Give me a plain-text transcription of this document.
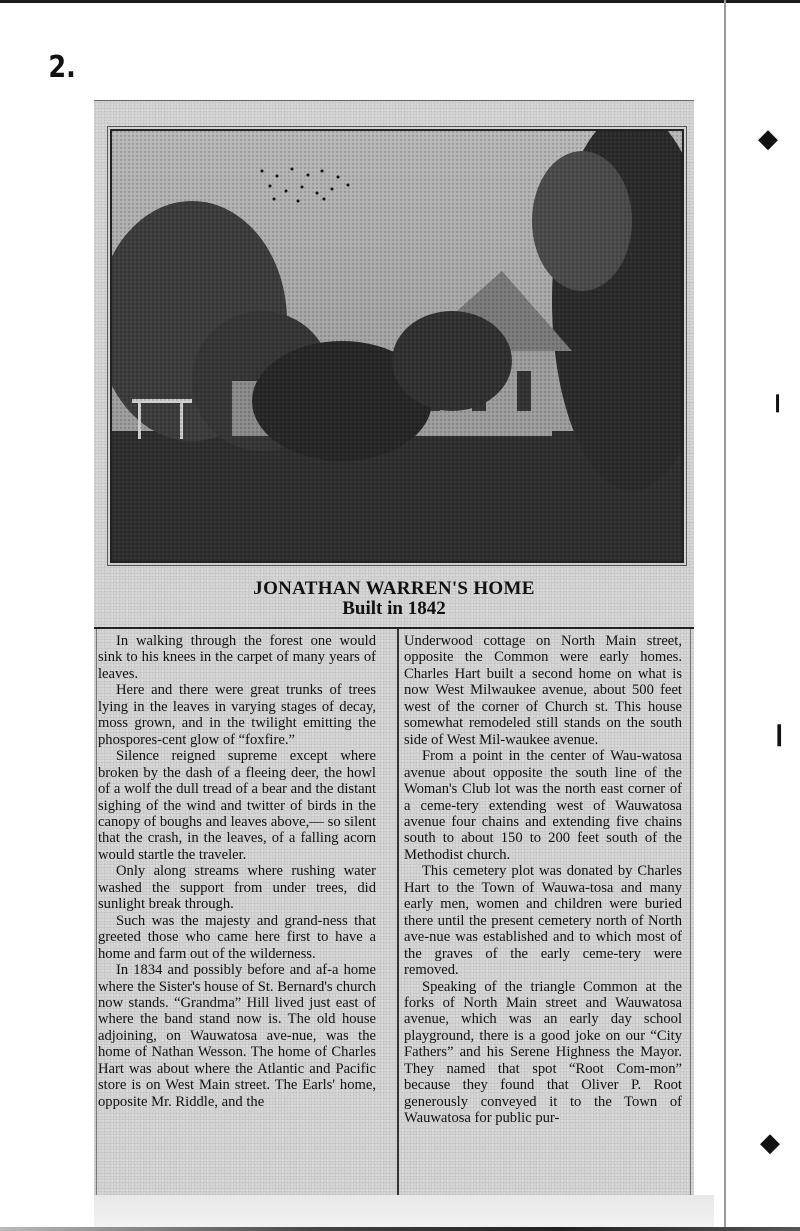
2.
JONATHAN WARREN'S HOME
Built in 1842

In walking through the forest one would sink to his knees in the carpet of many years of leaves.

Here and there were great trunks of trees lying in the leaves in varying stages of decay, moss grown, and in the twilight emitting the phospores-cent glow of “foxfire.”

Silence reigned supreme except where broken by the dash of a fleeing deer, the howl of a wolf the dull tread of a bear and the distant sighing of the wind and twitter of birds in the canopy of boughs and leaves above,— so silent that the crash, in the leaves, of a falling acorn would startle the traveler.

Only along streams where rushing water washed the support from under trees, did sunlight break through.

Such was the majesty and grand-ness that greeted those who came here first to have a home and farm out of the wilderness.

In 1834 and possibly before and af-a home where the Sister's house of St. Bernard's church now stands. “Grandma” Hill lived just east of where the band stand now is. The old house adjoining, on Wauwatosa ave-nue, was the home of Nathan Wesson. The home of Charles Hart was about where the Atlantic and Pacific store is on West Main street. The Earls' home, opposite Mr. Riddle, and the

Underwood cottage on North Main street, opposite the Common were early homes. Charles Hart built a second home on what is now West Milwaukee avenue, about 500 feet west of the corner of Church st. This house somewhat remodeled still stands on the south side of West Mil-waukee avenue.

From a point in the center of Wau-watosa avenue about opposite the south line of the Woman's Club lot was the north east corner of a ceme-tery extending west of Wauwatosa avenue four chains and extending five chains south to about 150 to 200 feet south of the Methodist church.

This cemetery plot was donated by Charles Hart to the Town of Wauwa-tosa and many early men, women and children were buried there until the present cemetery north of North ave-nue was established and to which most of the graves of the early ceme-tery were removed.

Speaking of the triangle Common at the forks of North Main street and Wauwatosa avenue, which was an early day school playground, there is a good joke on our “City Fathers” and his Serene Highness the Mayor. They named that spot “Root Com-mon” because they found that Oliver P. Root generously conveyed it to the Town of Wauwatosa for public pur-

◆
❙
❙
◆
